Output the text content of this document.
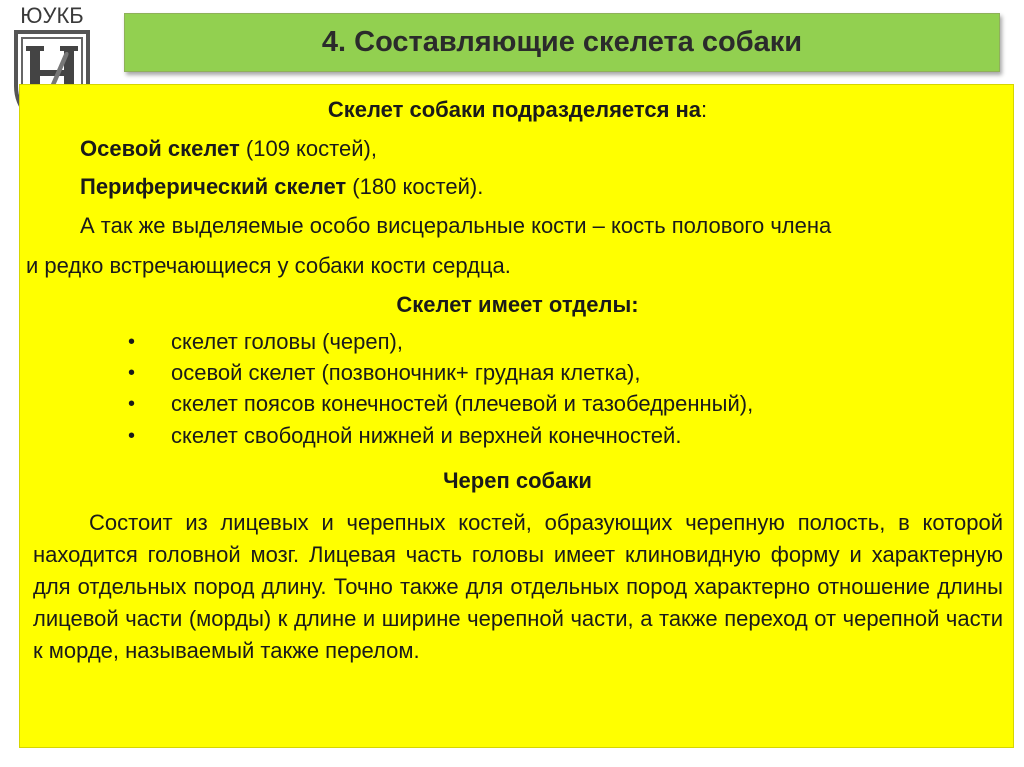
ЮУКБ
4. Составляющие скелета собаки
Скелет собаки подразделяется на:
Осевой скелет (109 костей),
Периферический скелет (180 костей).
А так же выделяемые особо висцеральные кости – кость полового члена
и редко встречающиеся у собаки кости сердца.
Скелет имеет отделы:
• скелет головы (череп),
• осевой скелет (позвоночник+ грудная клетка),
• скелет поясов конечностей (плечевой и тазобедренный),
• скелет свободной нижней и верхней конечностей.
Череп собаки
Состоит из лицевых и черепных костей, образующих черепную полость, в которой находится головной мозг. Лицевая часть головы имеет клиновидную форму и характерную для отдельных пород длину. Точно также для отдельных пород характерно отношение длины лицевой части (морды) к длине и ширине черепной части, а также переход от черепной части к морде, называемый также перелом.
